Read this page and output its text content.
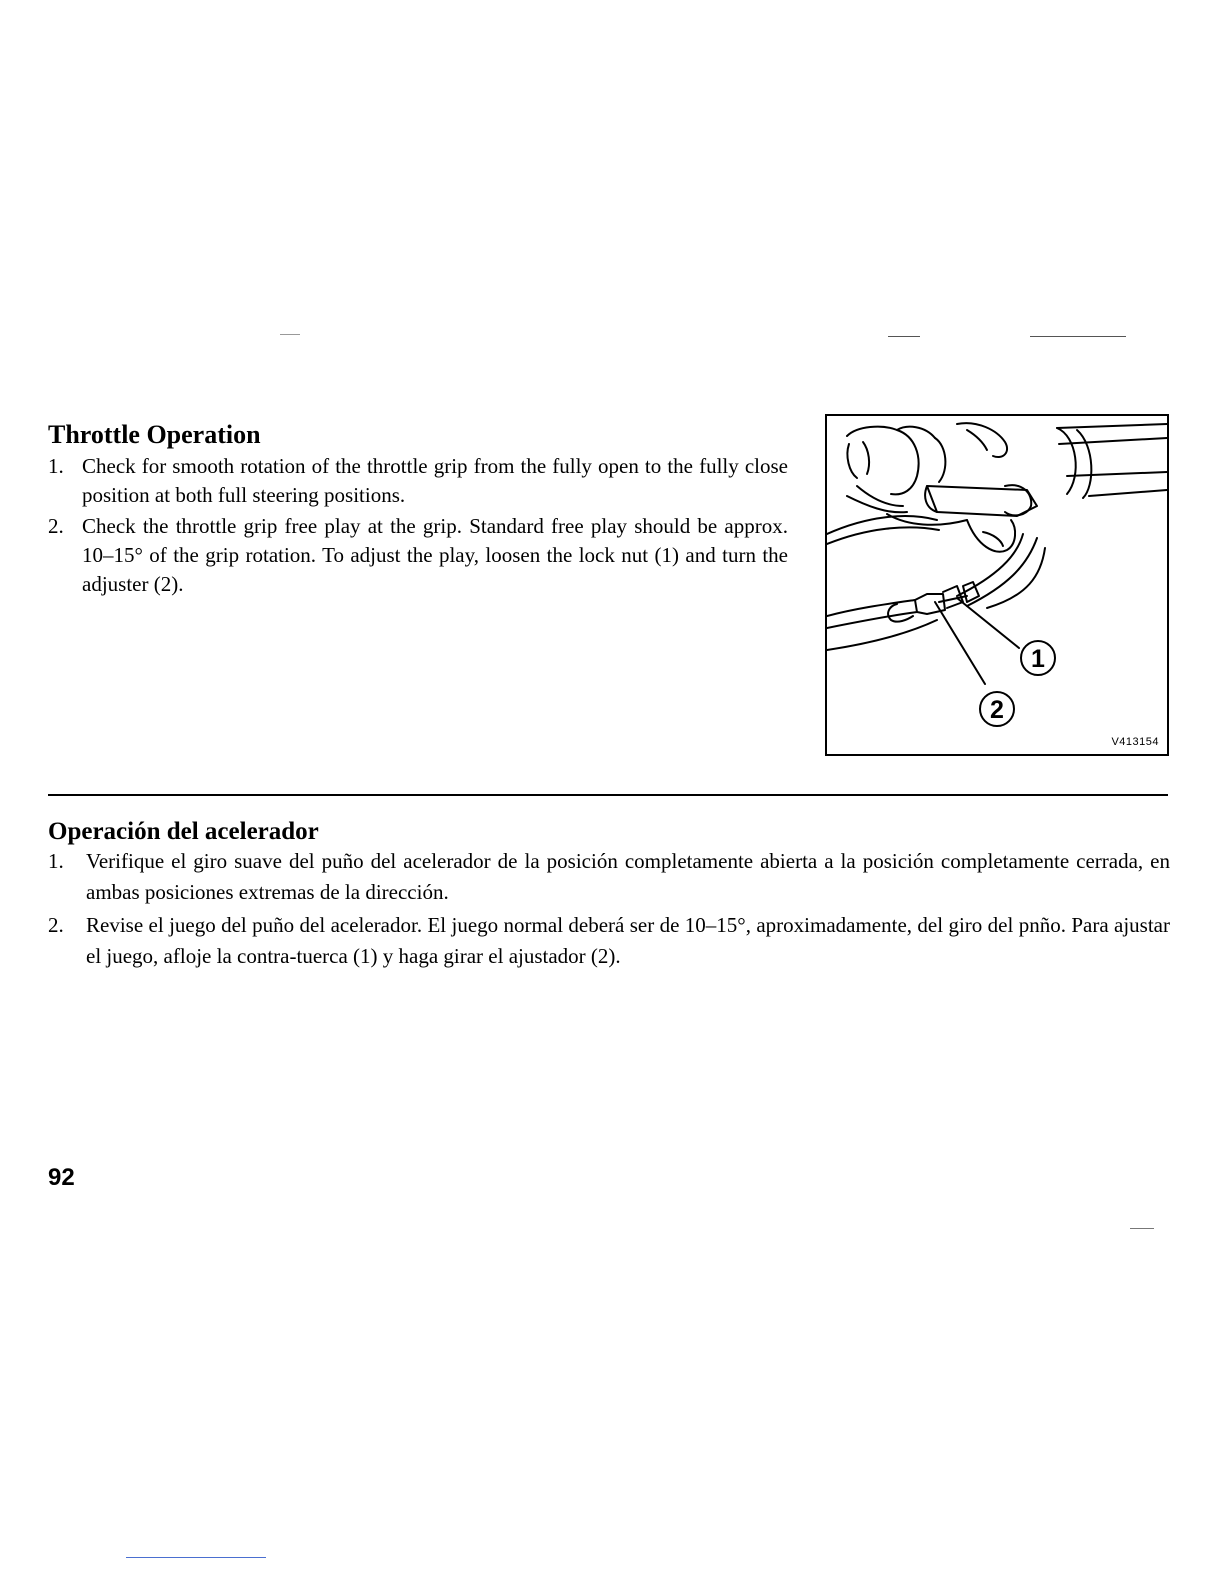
Throttle Operation
1. Check for smooth rotation of the throttle grip from the fully open to the fully close position at both full steering positions.
2. Check the throttle grip free play at the grip. Standard free play should be approx. 10–15° of the grip rotation. To adjust the play, loosen the lock nut (1) and turn the adjuster (2).
1
2
V413154
Operación del acelerador
1. Verifique el giro suave del puño del acelerador de la posición completamente abierta a la posición completamente cerrada, en ambas posiciones extremas de la dirección.
2. Revise el juego del puño del acelerador. El juego normal deberá ser de 10–15°, aproximadamente, del giro del pnño. Para ajustar el juego, afloje la contra-tuerca (1) y haga girar el ajustador (2).
92
